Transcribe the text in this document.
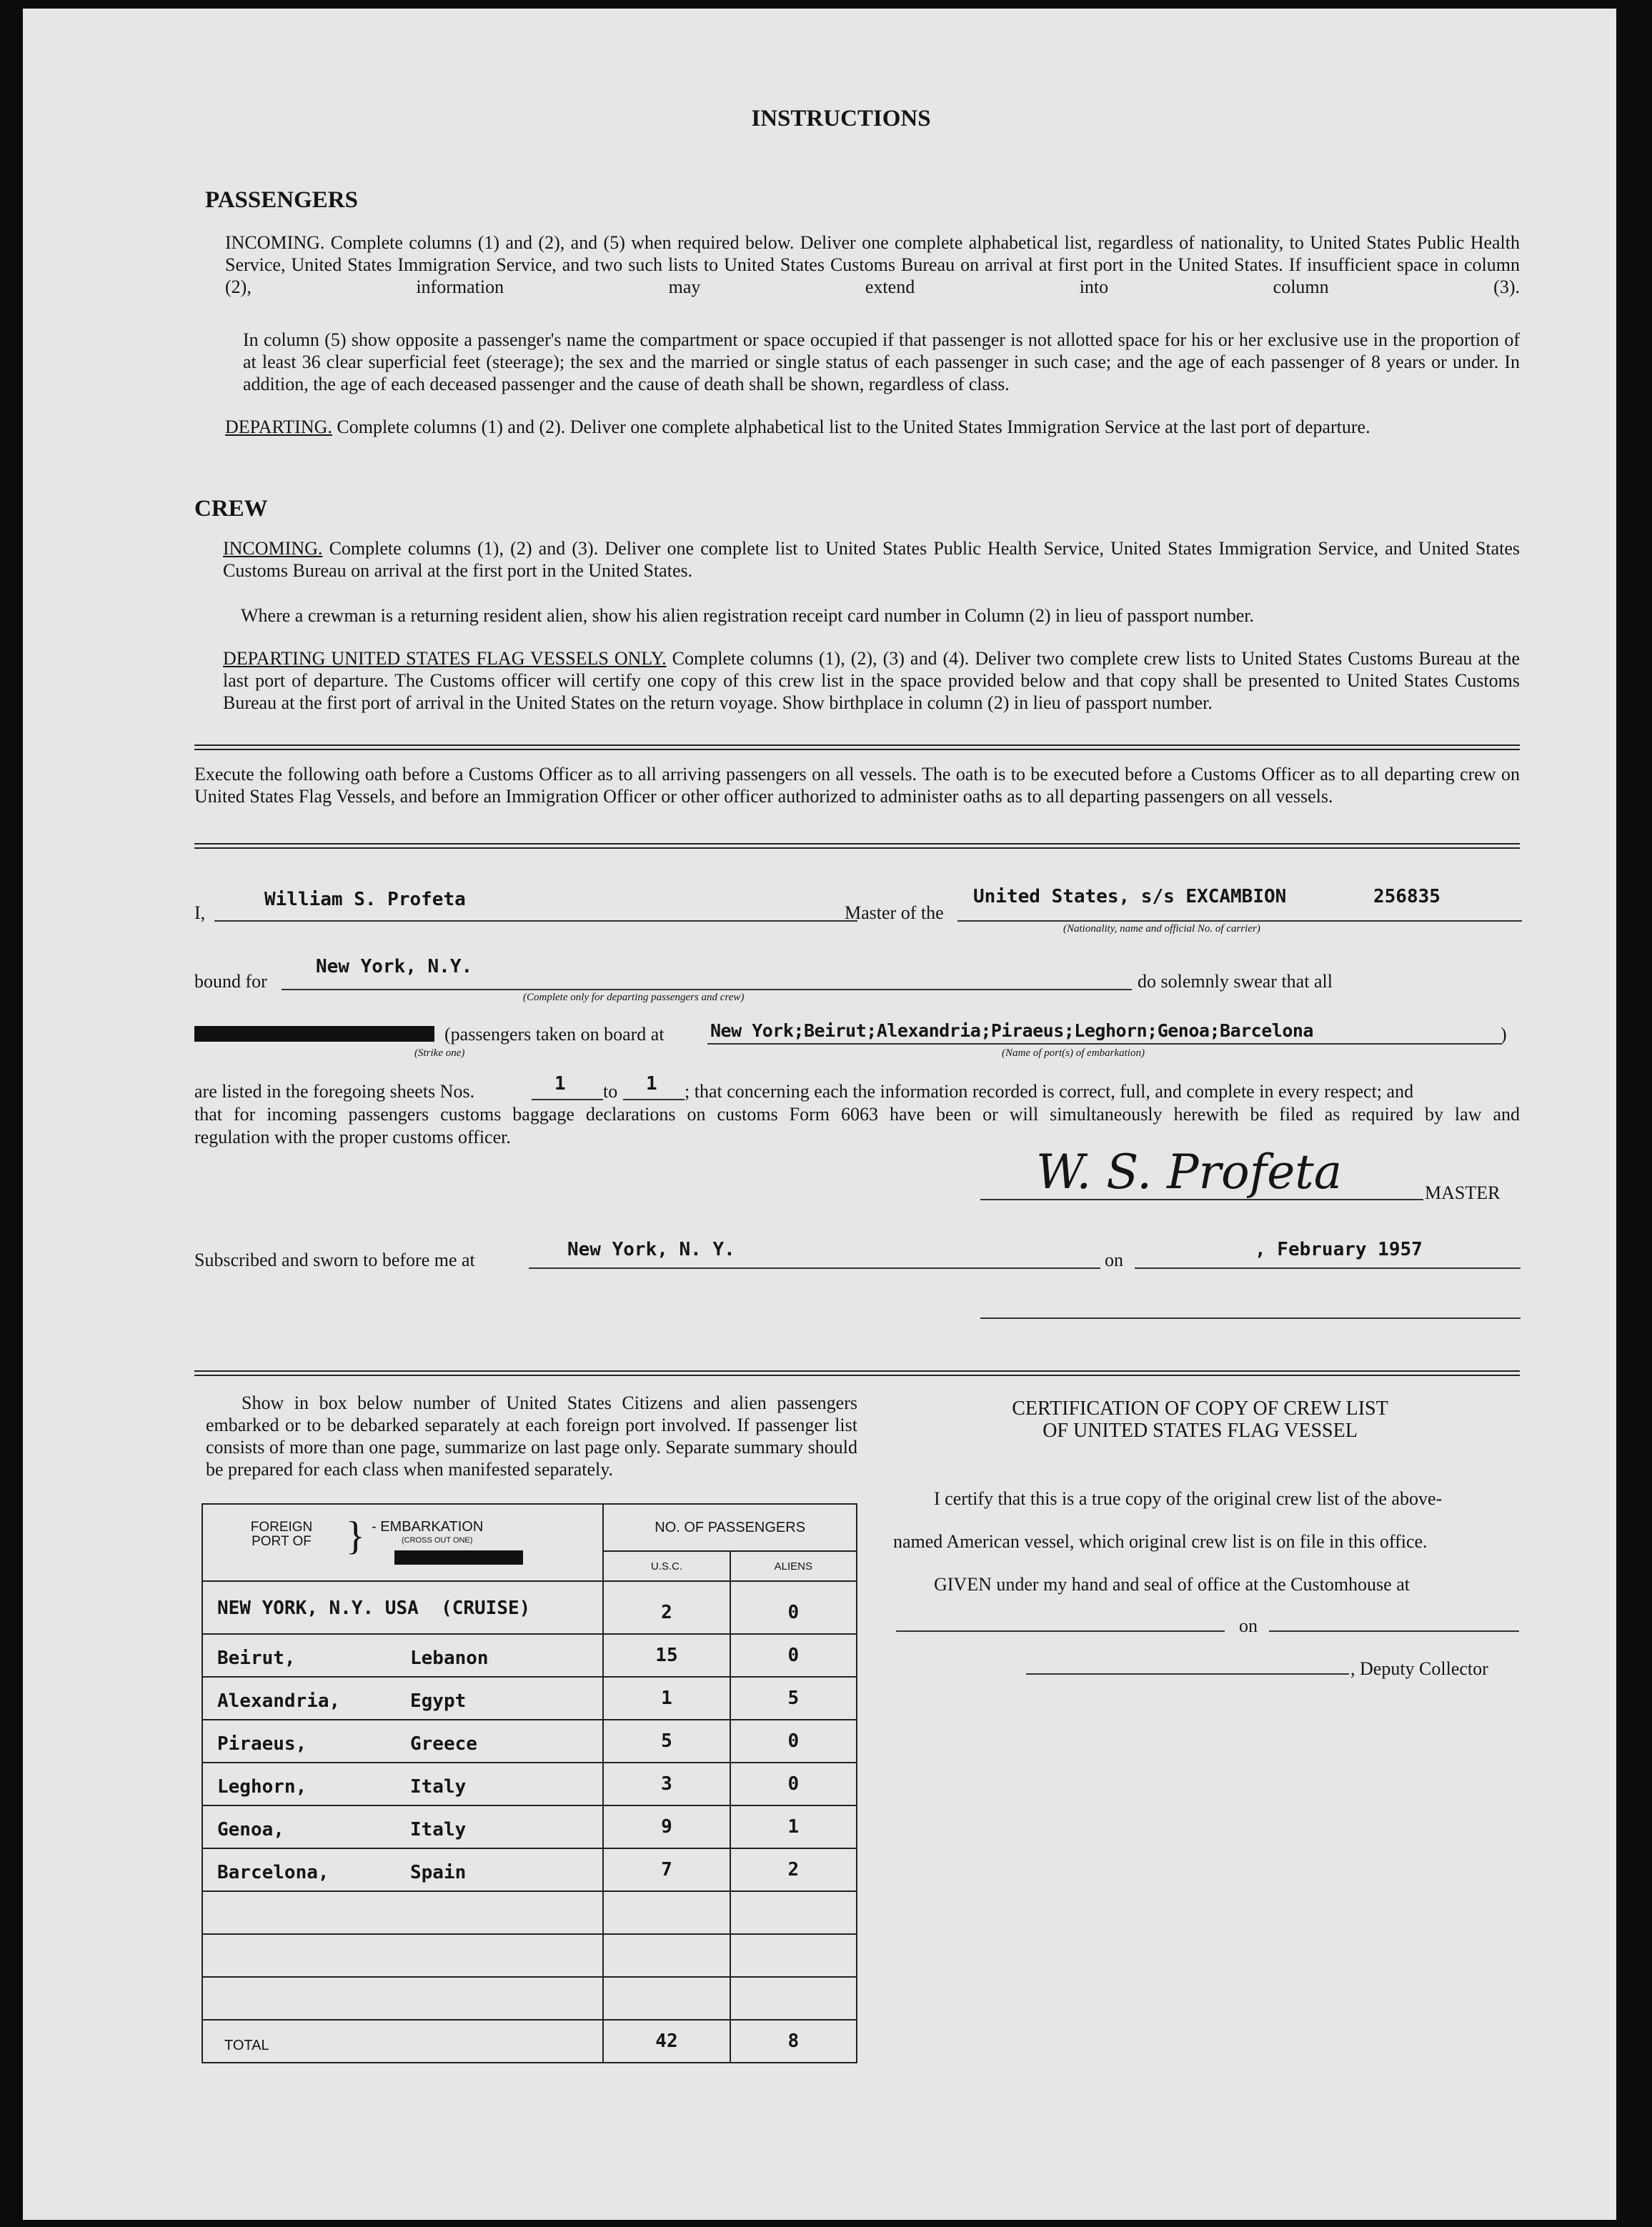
INSTRUCTIONS
PASSENGERS
INCOMING. Complete columns (1) and (2), and (5) when required below. Deliver one complete alphabetical list, regardless of nationality, to United States Public Health Service, United States Immigration Service, and two such lists to United States Customs Bureau on arrival at first port in the United States. If insufficient space in column (2), information may extend into column (3).
In column (5) show opposite a passenger's name the compartment or space occupied if that passenger is not allotted space for his or her exclusive use in the proportion of at least 36 clear superficial feet (steerage); the sex and the married or single status of each passenger in such case; and the age of each passenger of 8 years or under. In addition, the age of each deceased passenger and the cause of death shall be shown, regardless of class.
DEPARTING. Complete columns (1) and (2). Deliver one complete alphabetical list to the United States Immigration Service at the last port of departure.
CREW
INCOMING. Complete columns (1), (2) and (3). Deliver one complete list to United States Public Health Service, United States Immigration Service, and United States Customs Bureau on arrival at the first port in the United States.
Where a crewman is a returning resident alien, show his alien registration receipt card number in Column (2) in lieu of passport number.
DEPARTING UNITED STATES FLAG VESSELS ONLY. Complete columns (1), (2), (3) and (4). Deliver two complete crew lists to United States Customs Bureau at the last port of departure. The Customs officer will certify one copy of this crew list in the space provided below and that copy shall be presented to United States Customs Bureau at the first port of arrival in the United States on the return voyage. Show birthplace in column (2) in lieu of passport number.
Execute the following oath before a Customs Officer as to all arriving passengers on all vessels. The oath is to be executed before a Customs Officer as to all departing crew on United States Flag Vessels, and before an Immigration Officer or other officer authorized to administer oaths as to all departing passengers on all vessels.
I,
William S. Profeta
Master of the
United States, s/s EXCAMBION	256835
(Nationality, name and official No. of carrier)
bound for
New York, N.Y.
(Complete only for departing passengers and crew)
do solemnly swear that all
(passengers taken on board at	New York;Beirut;Alexandria;Piraeus;Leghorn;Genoa;Barcelona	)
(Strike one)	(Name of port(s) of embarkation)
are listed in the foregoing sheets Nos.	1 to 1 ; that concerning each the information recorded is correct, full, and complete in every respect; and
that for incoming passengers customs baggage declarations on customs Form 6063 have been or will simultaneously herewith be filed as required by law and
regulation with the proper customs officer.
W. S. Profeta	MASTER
Subscribed and sworn to before me at	New York, N. Y.	on	, February 1957
Show in box below number of United States Citizens and alien passengers embarked or to be debarked separately at each foreign port involved. If passenger list consists of more than one page, summarize on last page only. Separate summary should be prepared for each class when manifested separately.
FOREIGN PORT OF } - EMBARKATION
(CROSS OUT ONE)	NO. OF PASSENGERS	
	U.S.C.	ALIENS

NEW YORK, N.Y. USA  (CRUISE)	2	0

Beirut, Lebanon	15	0

Alexandria, Egypt	1	5

Piraeus, Greece	5	0

Leghorn, Italy	3	0

Genoa, Italy	9	1

Barcelona, Spain	7	2

TOTAL	42	8
CERTIFICATION OF COPY OF CREW LIST
OF UNITED STATES FLAG VESSEL
I certify that this is a true copy of the original crew list of the above-
named American vessel, which original crew list is on file in this office.
GIVEN under my hand and seal of office at the Customhouse at
on
, Deputy Collector
